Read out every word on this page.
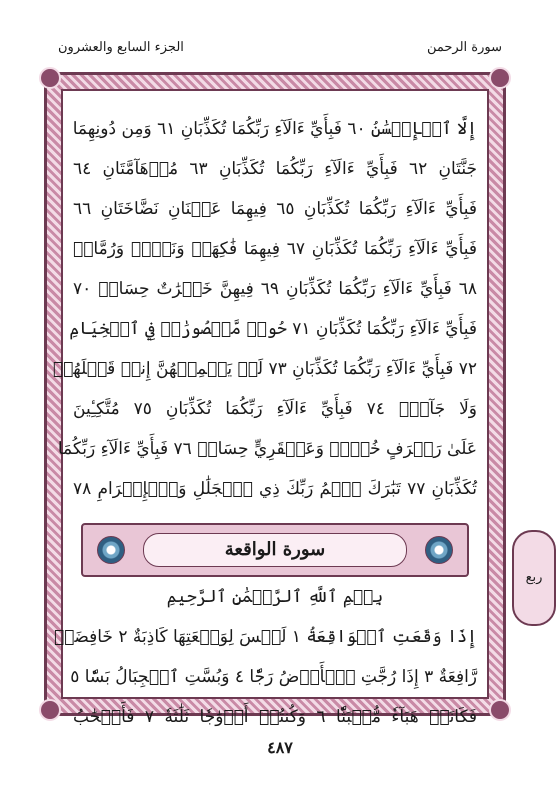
الجزء السابع والعشرون	سورة الرحمن
إِلَّا ٱلۡإِحۡسَٰنُ ٦٠ فَبِأَيِّ ءَالَآءِ رَبِّكُمَا تُكَذِّبَانِ ٦١ وَمِن دُونِهِمَا
جَنَّتَانِ ٦٢ فَبِأَيِّ ءَالَآءِ رَبِّكُمَا تُكَذِّبَانِ ٦٣ مُدۡهَآمَّتَانِ ٦٤
فَبِأَيِّ ءَالَآءِ رَبِّكُمَا تُكَذِّبَانِ ٦٥ فِيهِمَا عَيۡنَانِ نَضَّاخَتَانِ ٦٦
فَبِأَيِّ ءَالَآءِ رَبِّكُمَا تُكَذِّبَانِ ٦٧ فِيهِمَا فَٰكِهَةٞ وَنَخۡلٞ وَرُمَّانٞ
٦٨ فَبِأَيِّ ءَالَآءِ رَبِّكُمَا تُكَذِّبَانِ ٦٩ فِيهِنَّ خَيۡرَٰتٌ حِسَانٞ ٧٠
فَبِأَيِّ ءَالَآءِ رَبِّكُمَا تُكَذِّبَانِ ٧١ حُورٞ مَّقۡصُورَٰتٞ فِي ٱلۡخِيَامِ
٧٢ فَبِأَيِّ ءَالَآءِ رَبِّكُمَا تُكَذِّبَانِ ٧٣ لَمۡ يَطۡمِثۡهُنَّ إِنسٞ قَبۡلَهُمۡ
وَلَا جَآنّٞ ٧٤ فَبِأَيِّ ءَالَآءِ رَبِّكُمَا تُكَذِّبَانِ ٧٥ مُتَّكِـِٔينَ
عَلَىٰ رَفۡرَفٍ خُضۡرٖ وَعَبۡقَرِيٍّ حِسَانٖ ٧٦ فَبِأَيِّ ءَالَآءِ رَبِّكُمَا
تُكَذِّبَانِ ٧٧ تَبَٰرَكَ ٱسۡمُ رَبِّكَ ذِي ٱلۡجَلَٰلِ وَٱلۡإِكۡرَامِ ٧٨
سورة الواقعة
بِسۡمِ ٱللَّهِ ٱلرَّحۡمَٰنِ ٱلرَّحِيمِ
إِذَا وَقَعَتِ ٱلۡوَاقِعَةُ ١ لَيۡسَ لِوَقۡعَتِهَا كَاذِبَةٌ ٢ خَافِضَةٞ
رَّافِعَةٌ ٣ إِذَا رُجَّتِ ٱلۡأَرۡضُ رَجّٗا ٤ وَبُسَّتِ ٱلۡجِبَالُ بَسّٗا ٥
فَكَانَتۡ هَبَآءٗ مُّنۢبَثّٗا ٦ وَكُنتُمۡ أَزۡوَٰجٗا ثَلَٰثَةٗ ٧ فَأَصۡحَٰبُ
ربع
٤٨٧
